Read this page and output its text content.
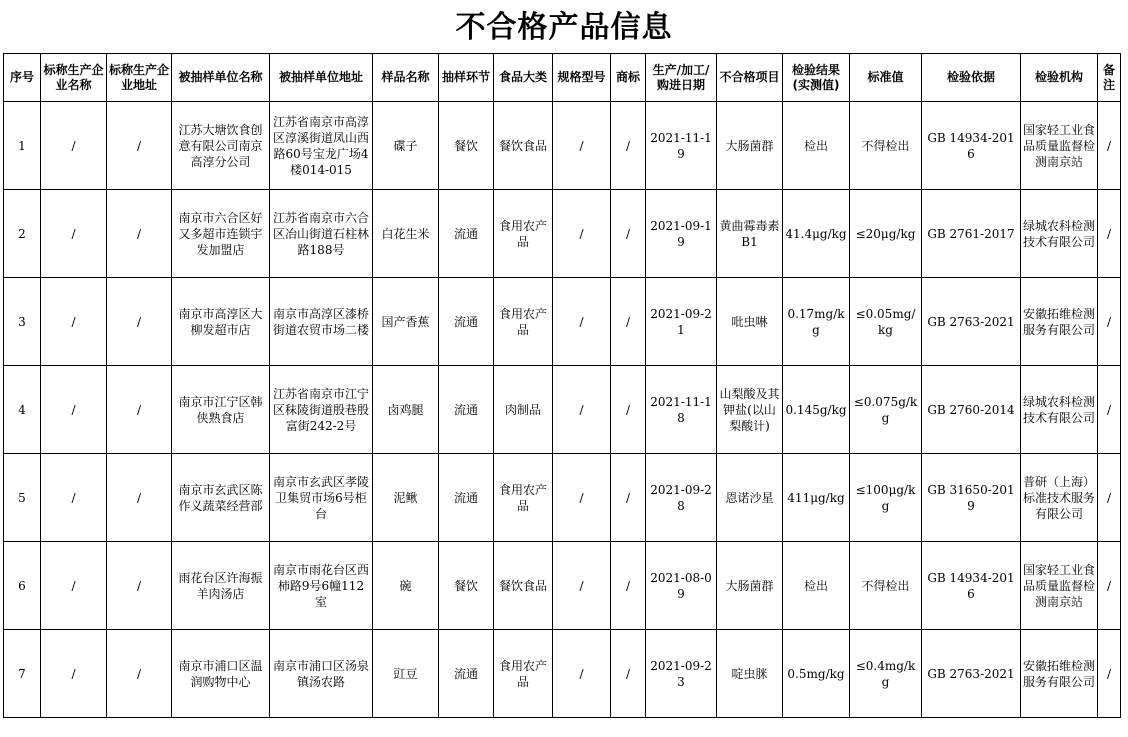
不合格产品信息
序号	标称生产企业名称	标称生产企业地址	被抽样单位名称	被抽样单位地址	样品名称	抽样环节	食品大类	规格型号	商标	生产/加工/购进日期	不合格项目	检验结果(实测值)	标准值	检验依据	检验机构	备注
1	/	/	江苏大塘饮食创意有限公司南京高淳分公司	江苏省南京市高淳区淳溪街道凤山西路60号宝龙广场4楼014-015	碟子	餐饮	餐饮食品	/	/	2021-11-19	大肠菌群	检出	不得检出	GB 14934-2016	国家轻工业食品质量监督检测南京站	/
2	/	/	南京市六合区好又多超市连锁宇发加盟店	江苏省南京市六合区冶山街道石柱林路188号	白花生米	流通	食用农产品	/	/	2021-09-19	黄曲霉毒素B1	41.4μg/kg	≤20μg/kg	GB 2761-2017	绿城农科检测技术有限公司	/
3	/	/	南京市高淳区大柳发超市店	南京市高淳区漆桥街道农贸市场二楼	国产香蕉	流通	食用农产品	/	/	2021-09-21	吡虫啉	0.17mg/kg	≤0.05mg/kg	GB 2763-2021	安徽拓维检测服务有限公司	/
4	/	/	南京市江宁区韩侠熟食店	江苏省南京市江宁区秣陵街道殷巷殷富街242-2号	卤鸡腿	流通	肉制品	/	/	2021-11-18	山梨酸及其钾盐(以山梨酸计)	0.145g/kg	≤0.075g/kg	GB 2760-2014	绿城农科检测技术有限公司	/
5	/	/	南京市玄武区陈作义蔬菜经营部	南京市玄武区孝陵卫集贸市场6号柜台	泥鳅	流通	食用农产品	/	/	2021-09-28	恩诺沙星	411μg/kg	≤100μg/kg	GB 31650-2019	普研（上海）标准技术服务有限公司	/
6	/	/	雨花台区许海振羊肉汤店	南京市雨花台区西柿路9号6幢112室	碗	餐饮	餐饮食品	/	/	2021-08-09	大肠菌群	检出	不得检出	GB 14934-2016	国家轻工业食品质量监督检测南京站	/
7	/	/	南京市浦口区温润购物中心	南京市浦口区汤泉镇汤农路	豇豆	流通	食用农产品	/	/	2021-09-23	啶虫脒	0.5mg/kg	≤0.4mg/kg	GB 2763-2021	安徽拓维检测服务有限公司	/
